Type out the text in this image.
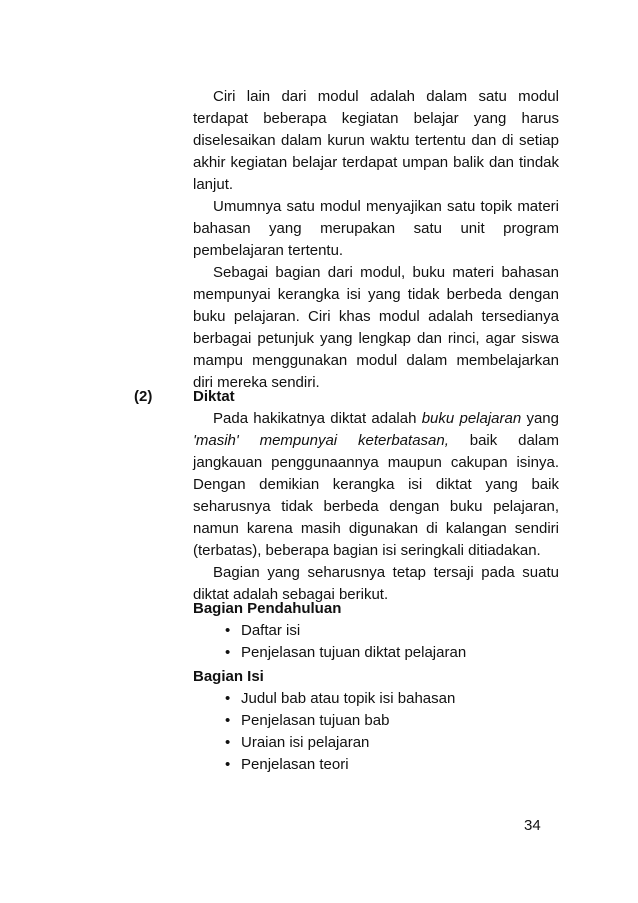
Ciri lain dari modul adalah dalam satu modul terdapat beberapa kegiatan belajar yang harus diselesaikan dalam kurun waktu tertentu dan di setiap akhir kegiatan belajar terdapat umpan balik dan tindak lanjut.

Umumnya satu modul menyajikan satu topik materi bahasan yang merupakan satu unit program pembelajaran tertentu.

Sebagai bagian dari modul, buku materi bahasan mempunyai kerangka isi yang tidak berbeda dengan buku pelajaran. Ciri khas modul adalah tersedianya berbagai petunjuk yang lengkap dan rinci, agar siswa mampu menggunakan modul dalam membelajarkan diri mereka sendiri.

(2)	Diktat

Pada hakikatnya diktat adalah buku pelajaran yang 'masih' mempunyai keterbatasan, baik dalam jangkauan penggunaannya maupun cakupan isinya. Dengan demikian kerangka isi diktat yang baik seharusnya tidak berbeda dengan buku pelajaran, namun karena masih digunakan di kalangan sendiri (terbatas), beberapa bagian isi seringkali ditiadakan.

Bagian yang seharusnya tetap tersaji pada suatu diktat adalah sebagai berikut.

Bagian Pendahuluan

• Daftar isi
• Penjelasan tujuan diktat pelajaran

Bagian Isi

• Judul bab atau topik isi bahasan
• Penjelasan tujuan bab
• Uraian isi pelajaran
• Penjelasan teori
34
